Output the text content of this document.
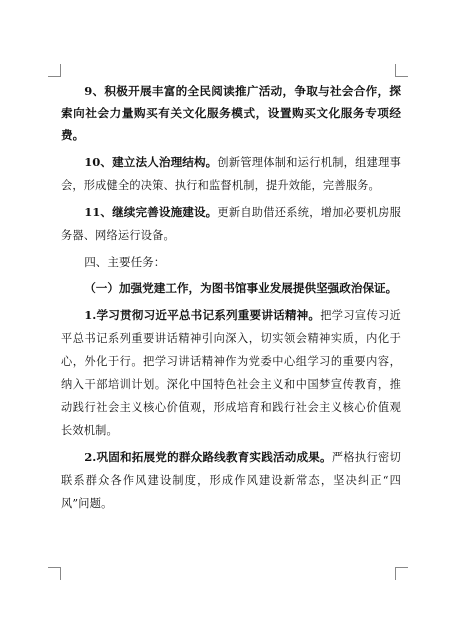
9、积极开展丰富的全民阅读推广活动，争取与社会合作，探索向社会力量购买有关文化服务模式，设置购买文化服务专项经费。

10、建立法人治理结构。创新管理体制和运行机制，组建理事会，形成健全的决策、执行和监督机制，提升效能，完善服务。

11、继续完善设施建设。更新自助借还系统，增加必要机房服务器、网络运行设备。

四、主要任务：

（一）加强党建工作，为图书馆事业发展提供坚强政治保证。

1.学习贯彻习近平总书记系列重要讲话精神。把学习宣传习近平总书记系列重要讲话精神引向深入，切实领会精神实质，内化于心，外化于行。把学习讲话精神作为党委中心组学习的重要内容，纳入干部培训计划。深化中国特色社会主义和中国梦宣传教育，推动践行社会主义核心价值观，形成培育和践行社会主义核心价值观长效机制。

2.巩固和拓展党的群众路线教育实践活动成果。严格执行密切联系群众各作风建设制度，形成作风建设新常态，坚决纠正“四风”问题。
